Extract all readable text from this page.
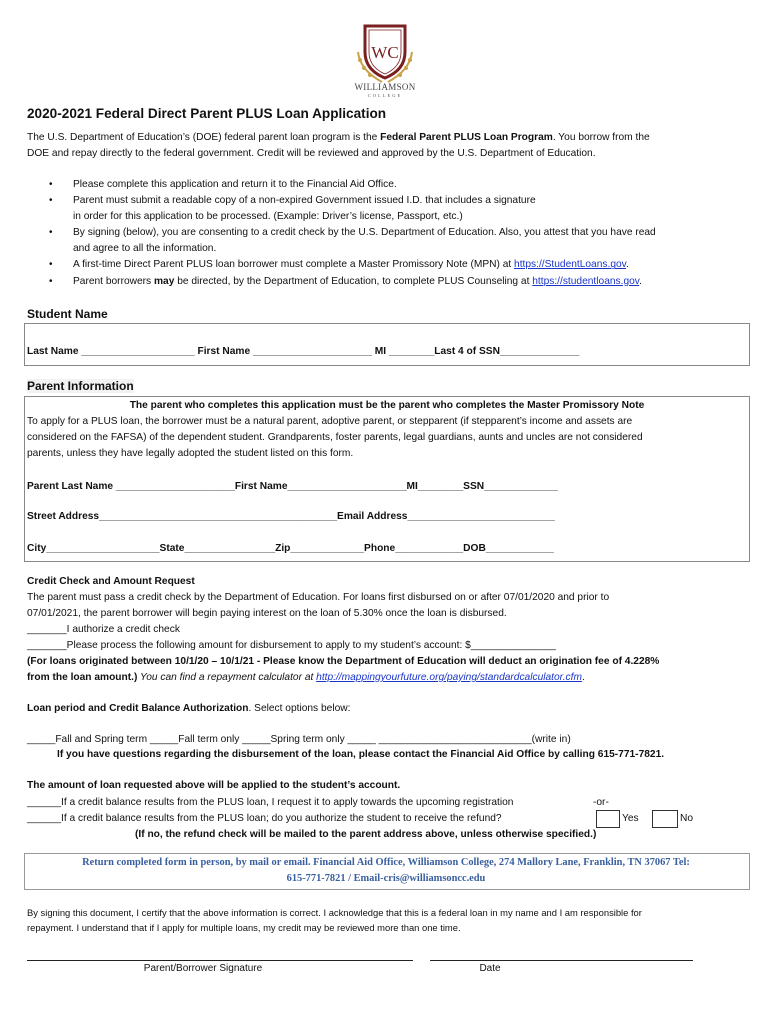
WC
WILLIAMSON
COLLEGE
2020-2021 Federal Direct Parent PLUS Loan Application
The U.S. Department of Education’s (DOE) federal parent loan program is the Federal Parent PLUS Loan Program. You borrow from the
DOE and repay directly to the federal government. Credit will be reviewed and approved by the U.S. Department of Education.
• Please complete this application and return it to the Financial Aid Office.
• Parent must submit a readable copy of a non-expired Government issued I.D. that includes a signature
in order for this application to be processed. (Example: Driver’s license, Passport, etc.)
• By signing (below), you are consenting to a credit check by the U.S. Department of Education. Also, you attest that you have read
and agree to all the information.
• A first-time Direct Parent PLUS loan borrower must complete a Master Promissory Note (MPN) at https://StudentLoans.gov.
• Parent borrowers may be directed, by the Department of Education, to complete PLUS Counseling at https://studentloans.gov.
Student Name
Last Name ____________________ First Name _____________________ MI ________Last 4 of SSN______________
Parent Information
The parent who completes this application must be the parent who completes the Master Promissory Note
To apply for a PLUS loan, the borrower must be a natural parent, adoptive parent, or stepparent (if stepparent’s income and assets are
considered on the FAFSA) of the dependent student. Grandparents, foster parents, legal guardians, aunts and uncles are not considered
parents, unless they have legally adopted the student listed on this form.
Parent Last Name _____________________First Name_____________________MI________SSN_____________
Street Address__________________________________________Email Address__________________________
City____________________State________________Zip_____________Phone____________DOB____________
Credit Check and Amount Request
The parent must pass a credit check by the Department of Education. For loans first disbursed on or after 07/01/2020 and prior to
07/01/2021, the parent borrower will begin paying interest on the loan of 5.30% once the loan is disbursed.
_______I authorize a credit check
_______Please process the following amount for disbursement to apply to my student’s account: $_______________
(For loans originated between 10/1/20 – 10/1/21 - Please know the Department of Education will deduct an origination fee of 4.228%
from the loan amount.) You can find a repayment calculator at http://mappingyourfuture.org/paying/standardcalculator.cfm.
Loan period and Credit Balance Authorization. Select options below:
_____Fall and Spring term _____Fall term only _____Spring term only _____ ___________________________(write in)
If you have questions regarding the disbursement of the loan, please contact the Financial Aid Office by calling 615-771-7821.
The amount of loan requested above will be applied to the student’s account.
______If a credit balance results from the PLUS loan, I request it to apply towards the upcoming registration	-or-
______If a credit balance results from the PLUS loan; do you authorize the student to receive the refund?	Yes	No
(If no, the refund check will be mailed to the parent address above, unless otherwise specified.)
Return completed form in person, by mail or email. Financial Aid Office, Williamson College, 274 Mallory Lane, Franklin, TN 37067 Tel:
615-771-7821 / Email-cris@williamsoncc.edu
By signing this document, I certify that the above information is correct. I acknowledge that this is a federal loan in my name and I am responsible for
repayment. I understand that if I apply for multiple loans, my credit may be reviewed more than one time.
Parent/Borrower Signature	Date
